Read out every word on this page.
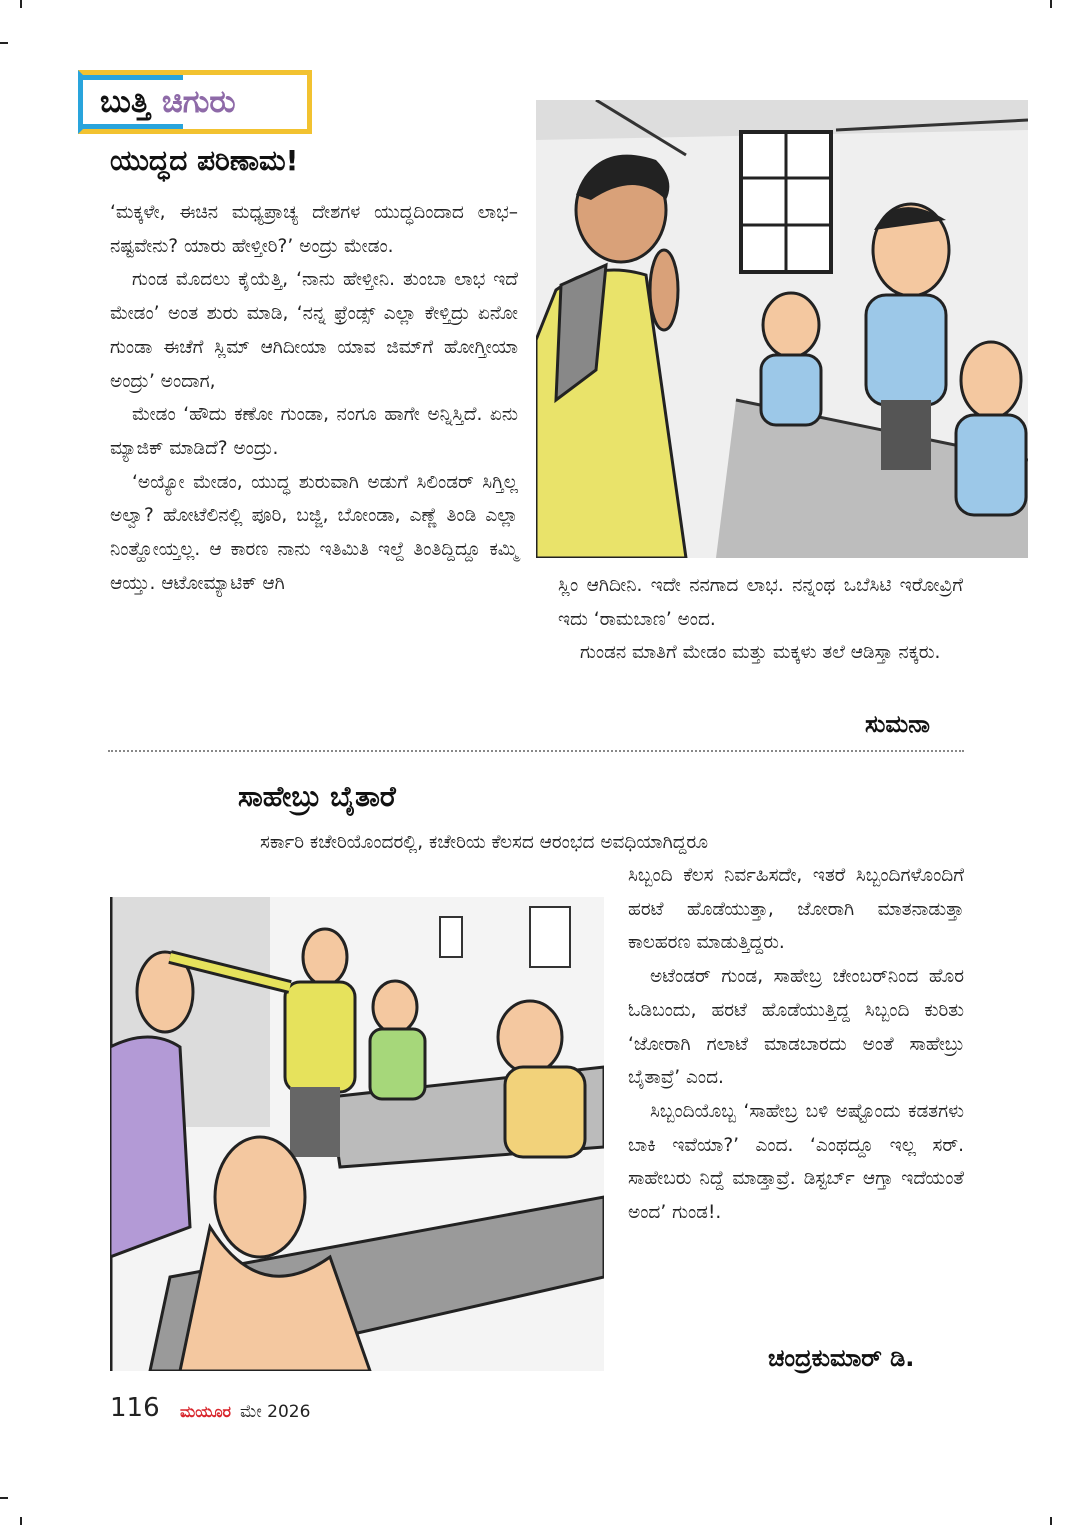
ಬುತ್ತಿ ಚಿಗುರು
ಯುದ್ಧದ ಪರಿಣಾಮ!

‘ಮಕ್ಕಳೇ, ಈಚಿನ ಮಧ್ಯಪ್ರಾಚ್ಯ ದೇಶಗಳ ಯುದ್ಧದಿಂದಾದ ಲಾಭ– ನಷ್ಟವೇನು? ಯಾರು ಹೇಳ್ತೀರಿ?’ ಅಂದ್ರು ಮೇಡಂ.

ಗುಂಡ ಮೊದಲು ಕೈಯೆತ್ತಿ, ‘ನಾನು ಹೇಳ್ತೀನಿ. ತುಂಬಾ ಲಾಭ ಇದೆ ಮೇಡಂ’ ಅಂತ ಶುರು ಮಾಡಿ, ‘ನನ್ನ ಫ್ರೆಂಡ್ಸ್ ಎಲ್ಲಾ ಕೇಳ್ತಿದ್ರು ಏನೋ ಗುಂಡಾ ಈಚೆಗೆ ಸ್ಲಿಮ್ ಆಗಿದೀಯಾ ಯಾವ ಜಿಮ್‌ಗೆ ಹೋಗ್ತೀಯಾ ಅಂದ್ರು’ ಅಂದಾಗ,

ಮೇಡಂ ‘ಹೌದು ಕಣೋ ಗುಂಡಾ, ನಂಗೂ ಹಾಗೇ ಅನ್ನಿಸ್ತಿದೆ. ಏನು ಮ್ಯಾಜಿಕ್ ಮಾಡಿದೆ? ಅಂದ್ರು.

‘ಅಯ್ಯೋ ಮೇಡಂ, ಯುದ್ಧ ಶುರುವಾಗಿ ಅಡುಗೆ ಸಿಲಿಂಡರ್ ಸಿಗ್ತಿಲ್ಲ ಅಲ್ವಾ? ಹೋಟೆಲಿನಲ್ಲಿ ಪೂರಿ, ಬಜ್ಜಿ, ಬೋಂಡಾ, ಎಣ್ಣೆ ತಿಂಡಿ ಎಲ್ಲಾ ನಿಂತ್ಹೋಯ್ತಲ್ಲ. ಆ ಕಾರಣ ನಾನು ಇತಿಮಿತಿ ಇಲ್ದೆ ತಿಂತಿದ್ದಿದ್ದೂ ಕಮ್ಮಿ ಆಯ್ತು. ಆಟೋಮ್ಯಾಟಿಕ್ ಆಗಿ	ಸ್ಲಿಂ ಆಗಿದೀನಿ. ಇದೇ ನನಗಾದ ಲಾಭ. ನನ್ನಂಥ ಒಬೆಸಿಟಿ ಇರೋವ್ರಿಗೆ ಇದು ‘ರಾಮಬಾಣ’ ಅಂದ.

ಗುಂಡನ ಮಾತಿಗೆ ಮೇಡಂ ಮತ್ತು ಮಕ್ಕಳು ತಲೆ ಆಡಿಸ್ತಾ ನಕ್ಕರು.

ಸುಮನಾ
ಸಾಹೇಬ್ರು ಬೈತಾರೆ

ಸರ್ಕಾರಿ ಕಚೇರಿಯೊಂದರಲ್ಲಿ, ಕಚೇರಿಯ ಕೆಲಸದ ಆರಂಭದ ಅವಧಿಯಾಗಿದ್ದರೂ

ಸಿಬ್ಬಂದಿ ಕೆಲಸ ನಿರ್ವಹಿಸದೇ, ಇತರೆ ಸಿಬ್ಬಂದಿಗಳೊಂದಿಗೆ ಹರಟೆ ಹೊಡೆಯುತ್ತಾ, ಜೋರಾಗಿ ಮಾತನಾಡುತ್ತಾ ಕಾಲಹರಣ ಮಾಡುತ್ತಿದ್ದರು.

ಅಟೆಂಡರ್ ಗುಂಡ, ಸಾಹೇಬ್ರ ಚೇಂಬರ್‌ನಿಂದ ಹೊರ ಓಡಿಬಂದು, ಹರಟೆ ಹೊಡೆಯುತ್ತಿದ್ದ ಸಿಬ್ಬಂದಿ ಕುರಿತು ‘ಜೋರಾಗಿ ಗಲಾಟೆ ಮಾಡಬಾರದು ಅಂತೆ ಸಾಹೇಬ್ರು ಬೈತಾವ್ರೆ’ ಎಂದ.

ಸಿಬ್ಬಂದಿಯೊಬ್ಬ ‘ಸಾಹೇಬ್ರ ಬಳಿ ಅಷ್ಟೊಂದು ಕಡತಗಳು ಬಾಕಿ ಇವೆಯಾ?’ ಎಂದ. ‘ಎಂಥದ್ದೂ ಇಲ್ಲ ಸರ್. ಸಾಹೇಬರು ನಿದ್ದೆ ಮಾಡ್ತಾವ್ರೆ. ಡಿಸ್ಟರ್ಬ್ ಆಗ್ತಾ ಇದೆಯಂತೆ ಅಂದ’ ಗುಂಡ!.

ಚಂದ್ರಕುಮಾರ್ ಡಿ.
116 ಮಯೂರ ಮೇ 2026
